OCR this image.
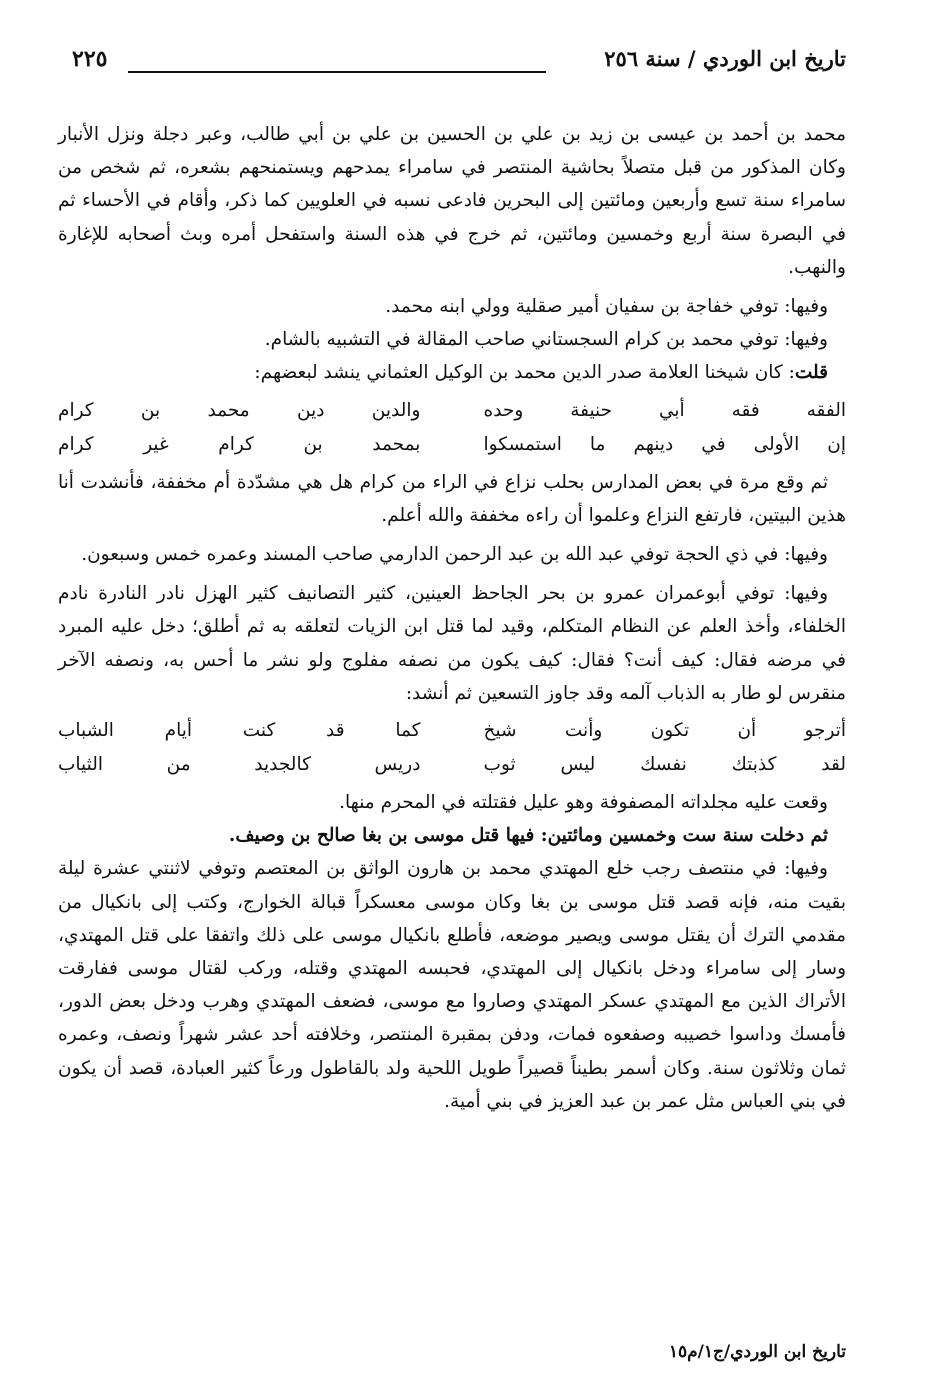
تاريخ ابن الوردي / سنة ٢٥٦
٢٢٥

محمد بن أحمد بن عيسى بن زيد بن علي بن الحسين بن علي بن أبي طالب، وعبر دجلة ونزل الأنبار وكان المذكور من قبل متصلاً بحاشية المنتصر في سامراء يمدحهم ويستمنحهم بشعره، ثم شخص من سامراء سنة تسع وأربعين ومائتين إلى البحرين فادعى نسبه في العلويين كما ذكر، وأقام في الأحساء ثم في البصرة سنة أربع وخمسين ومائتين، ثم خرج في هذه السنة واستفحل أمره وبث أصحابه للإغارة والنهب.

وفيها: توفي خفاجة بن سفيان أمير صقلية وولي ابنه محمد.

وفيها: توفي محمد بن كرام السجستاني صاحب المقالة في التشبيه بالشام.

قلت: كان شيخنا العلامة صدر الدين محمد بن الوكيل العثماني ينشد لبعضهم:

الفقه فقه أبي حنيفة وحده
والدين دين محمد بن كرام
إن الأولى في دينهم ما استمسكوا
بمحمد بن كرام غير كرام

ثم وقع مرة في بعض المدارس بحلب نزاع في الراء من كرام هل هي مشدّدة أم مخففة، فأنشدت أنا هذين البيتين، فارتفع النزاع وعلموا أن راءه مخففة والله أعلم.

وفيها: في ذي الحجة توفي عبد الله بن عبد الرحمن الدارمي صاحب المسند وعمره خمس وسبعون.

وفيها: توفي أبوعمران عمرو بن بحر الجاحظ العينين، كثير التصانيف كثير الهزل نادر النادرة نادم الخلفاء، وأخذ العلم عن النظام المتكلم، وقيد لما قتل ابن الزيات لتعلقه به ثم أطلق؛ دخل عليه المبرد في مرضه فقال: كيف أنت؟ فقال: كيف يكون من نصفه مفلوج ولو نشر ما أحس به، ونصفه الآخر منقرس لو طار به الذباب آلمه وقد جاوز التسعين ثم أنشد:

أترجو أن تكون وأنت شيخ
كما قد كنت أيام الشباب
لقد كذبتك نفسك ليس ثوب
دريس كالجديد من الثياب

وقعت عليه مجلداته المصفوفة وهو عليل فقتلته في المحرم منها.

ثم دخلت سنة ست وخمسين ومائتين: فيها قتل موسى بن بغا صالح بن وصيف.

وفيها: في منتصف رجب خلع المهتدي محمد بن هارون الواثق بن المعتصم وتوفي لاثنتي عشرة ليلة بقيت منه، فإنه قصد قتل موسى بن بغا وكان موسى معسكراً قبالة الخوارج، وكتب إلى بانكيال من مقدمي الترك أن يقتل موسى ويصير موضعه، فأطلع بانكيال موسى على ذلك واتفقا على قتل المهتدي، وسار إلى سامراء ودخل بانكيال إلى المهتدي، فحبسه المهتدي وقتله، وركب لقتال موسى ففارقت الأتراك الذين مع المهتدي عسكر المهتدي وصاروا مع موسى، فضعف المهتدي وهرب ودخل بعض الدور، فأمسك وداسوا خصيبه وصفعوه فمات، ودفن بمقبرة المنتصر، وخلافته أحد عشر شهراً ونصف، وعمره ثمان وثلاثون سنة. وكان أسمر بطيناً قصيراً طويل اللحية ولد بالقاطول ورعاً كثير العبادة، قصد أن يكون في بني العباس مثل عمر بن عبد العزيز في بني أمية.

تاريخ ابن الوردي/ج١/م١٥
